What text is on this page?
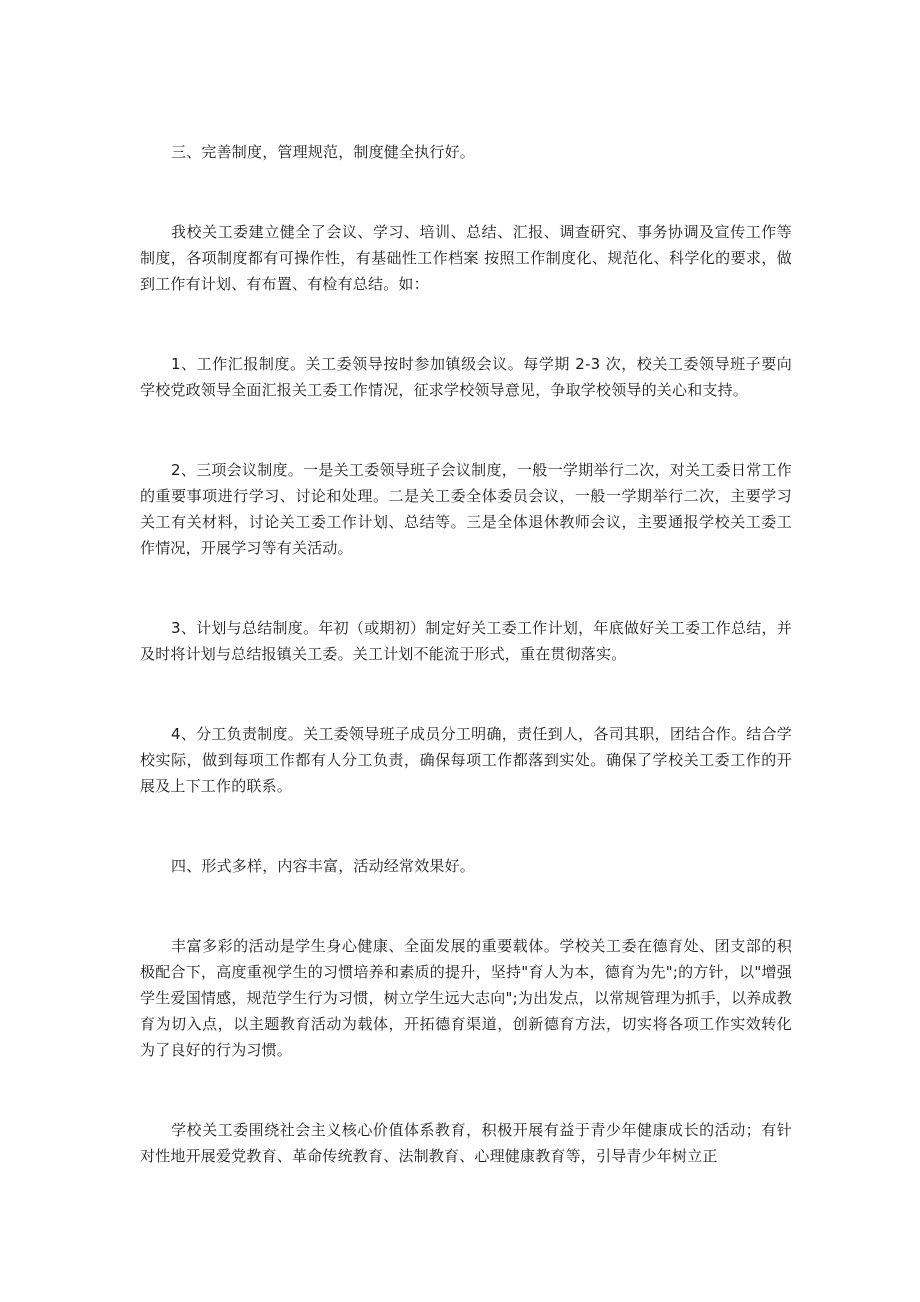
三、完善制度，管理规范，制度健全执行好。

我校关工委建立健全了会议、学习、培训、总结、汇报、调查研究、事务协调及宣传工作等制度，各项制度都有可操作性，有基础性工作档案 按照工作制度化、规范化、科学化的要求，做到工作有计划、有布置、有检有总结。如：

1、工作汇报制度。关工委领导按时参加镇级会议。每学期 2-3 次，校关工委领导班子要向学校党政领导全面汇报关工委工作情况，征求学校领导意见，争取学校领导的关心和支持。

2、三项会议制度。一是关工委领导班子会议制度，一般一学期举行二次，对关工委日常工作的重要事项进行学习、讨论和处理。二是关工委全体委员会议，一般一学期举行二次，主要学习关工有关材料，讨论关工委工作计划、总结等。三是全体退休教师会议，主要通报学校关工委工作情况，开展学习等有关活动。

3、计划与总结制度。年初（或期初）制定好关工委工作计划，年底做好关工委工作总结，并及时将计划与总结报镇关工委。关工计划不能流于形式，重在贯彻落实。

4、分工负责制度。关工委领导班子成员分工明确，责任到人，各司其职，团结合作。结合学校实际，做到每项工作都有人分工负责，确保每项工作都落到实处。确保了学校关工委工作的开展及上下工作的联系。

四、形式多样，内容丰富，活动经常效果好。

丰富多彩的活动是学生身心健康、全面发展的重要载体。学校关工委在德育处、团支部的积极配合下，高度重视学生的习惯培养和素质的提升，坚持"育人为本，德育为先";的方针，以"增强学生爱国情感，规范学生行为习惯，树立学生远大志向";为出发点，以常规管理为抓手，以养成教育为切入点，以主题教育活动为载体，开拓德育渠道，创新德育方法，切实将各项工作实效转化为了良好的行为习惯。

学校关工委围绕社会主义核心价值体系教育，积极开展有益于青少年健康成长的活动；有针对性地开展爱党教育、革命传统教育、法制教育、心理健康教育等，引导青少年树立正
